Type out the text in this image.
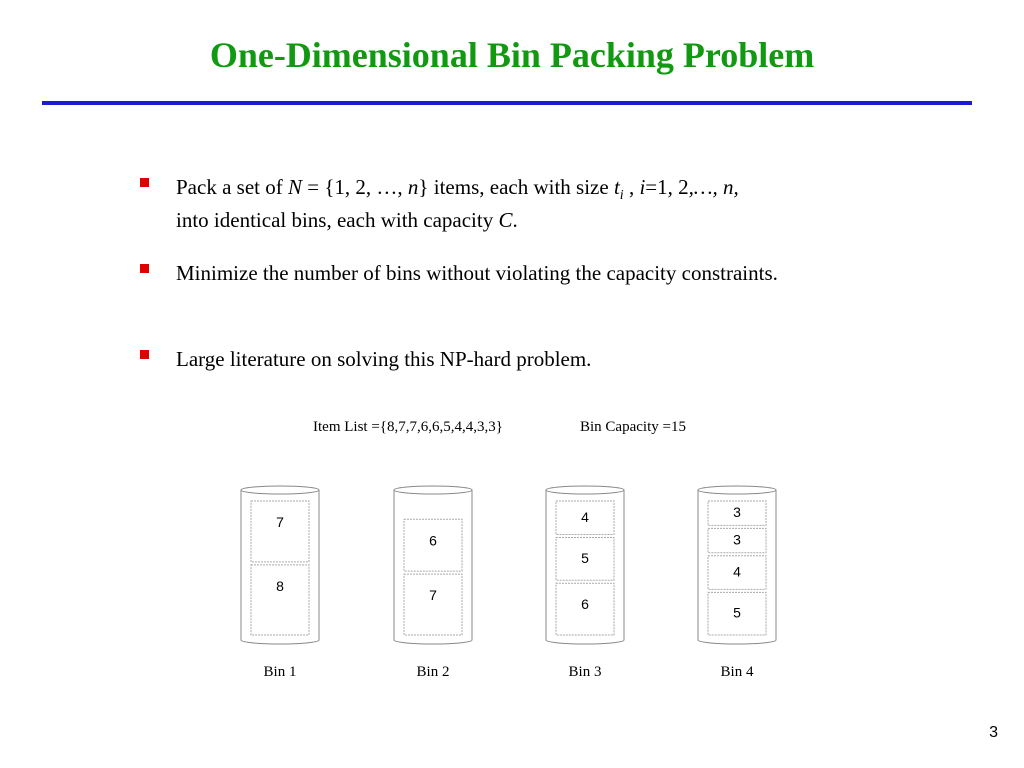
One-Dimensional Bin Packing Problem
Pack a set of N = {1, 2, …, n} items, each with size $t_i$ , i=1, 2,…, n,
into identical bins, each with capacity C.
Minimize the number of bins without violating the capacity constraints.
Large literature on solving this NP-hard problem.
Item List ={8,7,7,6,6,5,4,4,3,3}	Bin Capacity =15
8
7
Bin 1
7
6
Bin 2
6
5
4
Bin 3
5
4
3
3
Bin 4
3
